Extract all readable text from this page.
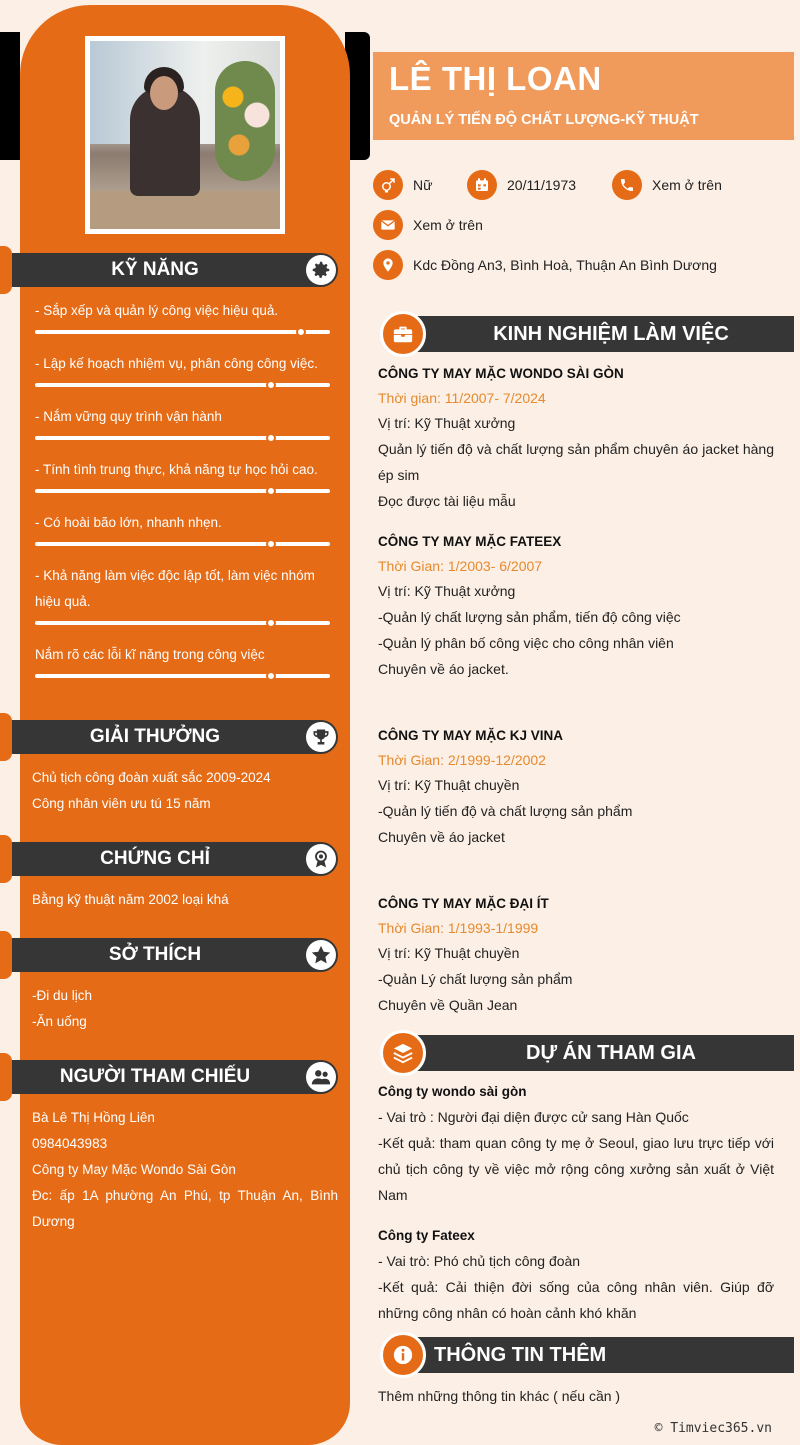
KỸ NĂNG
- Sắp xếp và quản lý công việc hiệu quả.
- Lập kế hoạch nhiệm vụ, phân công công việc.
- Nắm vững quy trình vận hành
- Tính tình trung thực, khả năng tự học hỏi cao.
- Có hoài bão lớn, nhanh nhẹn.
- Khả năng làm việc độc lập tốt, làm việc nhóm hiệu quả.
Nắm rõ các lỗi kĩ năng trong công việc
GIẢI THƯỞNG
Chủ tịch công đoàn xuất sắc 2009-2024
Công nhân viên ưu tú 15 năm
CHỨNG CHỈ
Bằng kỹ thuật năm 2002 loại khá
SỞ THÍCH
-Đi du lịch
-Ăn uống
NGƯỜI THAM CHIẾU
Bà Lê Thị Hồng Liên
0984043983
Công ty May Mặc Wondo Sài Gòn
Đc: ấp 1A phường An Phú, tp Thuận An, Bình Dương
LÊ THỊ LOAN
QUẢN LÝ TIẾN ĐỘ CHẤT LƯỢNG-KỸ THUẬT
Nữ	20/11/1973	Xem ở trên
Xem ở trên
Kdc Đồng An3, Bình Hoà, Thuận An Bình Dương
KINH NGHIỆM LÀM VIỆC
CÔNG TY MAY MẶC WONDO SÀI GÒN
Thời gian: 11/2007- 7/2024
Vị trí: Kỹ Thuật xưởng
Quản lý tiến độ và chất lượng sản phẩm chuyên áo jacket hàng ép sim
Đọc được tài liệu mẫu
CÔNG TY MAY MẶC FATEEX
Thời Gian: 1/2003- 6/2007
Vị trí: Kỹ Thuật xưởng
-Quản lý chất lượng sản phẩm, tiến độ công việc
-Quản lý phân bố công việc cho công nhân viên
Chuyên về áo jacket.
CÔNG TY MAY MẶC KJ VINA
Thời Gian: 2/1999-12/2002
Vị trí: Kỹ Thuật chuyền
-Quản lý tiến độ và chất lượng sản phẩm
Chuyên về áo jacket
CÔNG TY MAY MẶC ĐẠI ÍT
Thời Gian: 1/1993-1/1999
Vị trí: Kỹ Thuật chuyền
-Quản Lý chất lượng sản phẩm
Chuyên về Quần Jean
DỰ ÁN THAM GIA
Công ty wondo sài gòn
- Vai trò : Người đại diện được cử sang Hàn Quốc
-Kết quả: tham quan công ty mẹ ở Seoul, giao lưu trực tiếp với chủ tịch công ty về việc mở rộng công xưởng sản xuất ở Việt Nam
Công ty Fateex
- Vai trò: Phó chủ tịch công đoàn
-Kết quả: Cải thiện đời sống của công nhân viên. Giúp đỡ những công nhân có hoàn cảnh khó khăn
THÔNG TIN THÊM
Thêm những thông tin khác ( nếu cần )
© Timviec365.vn
